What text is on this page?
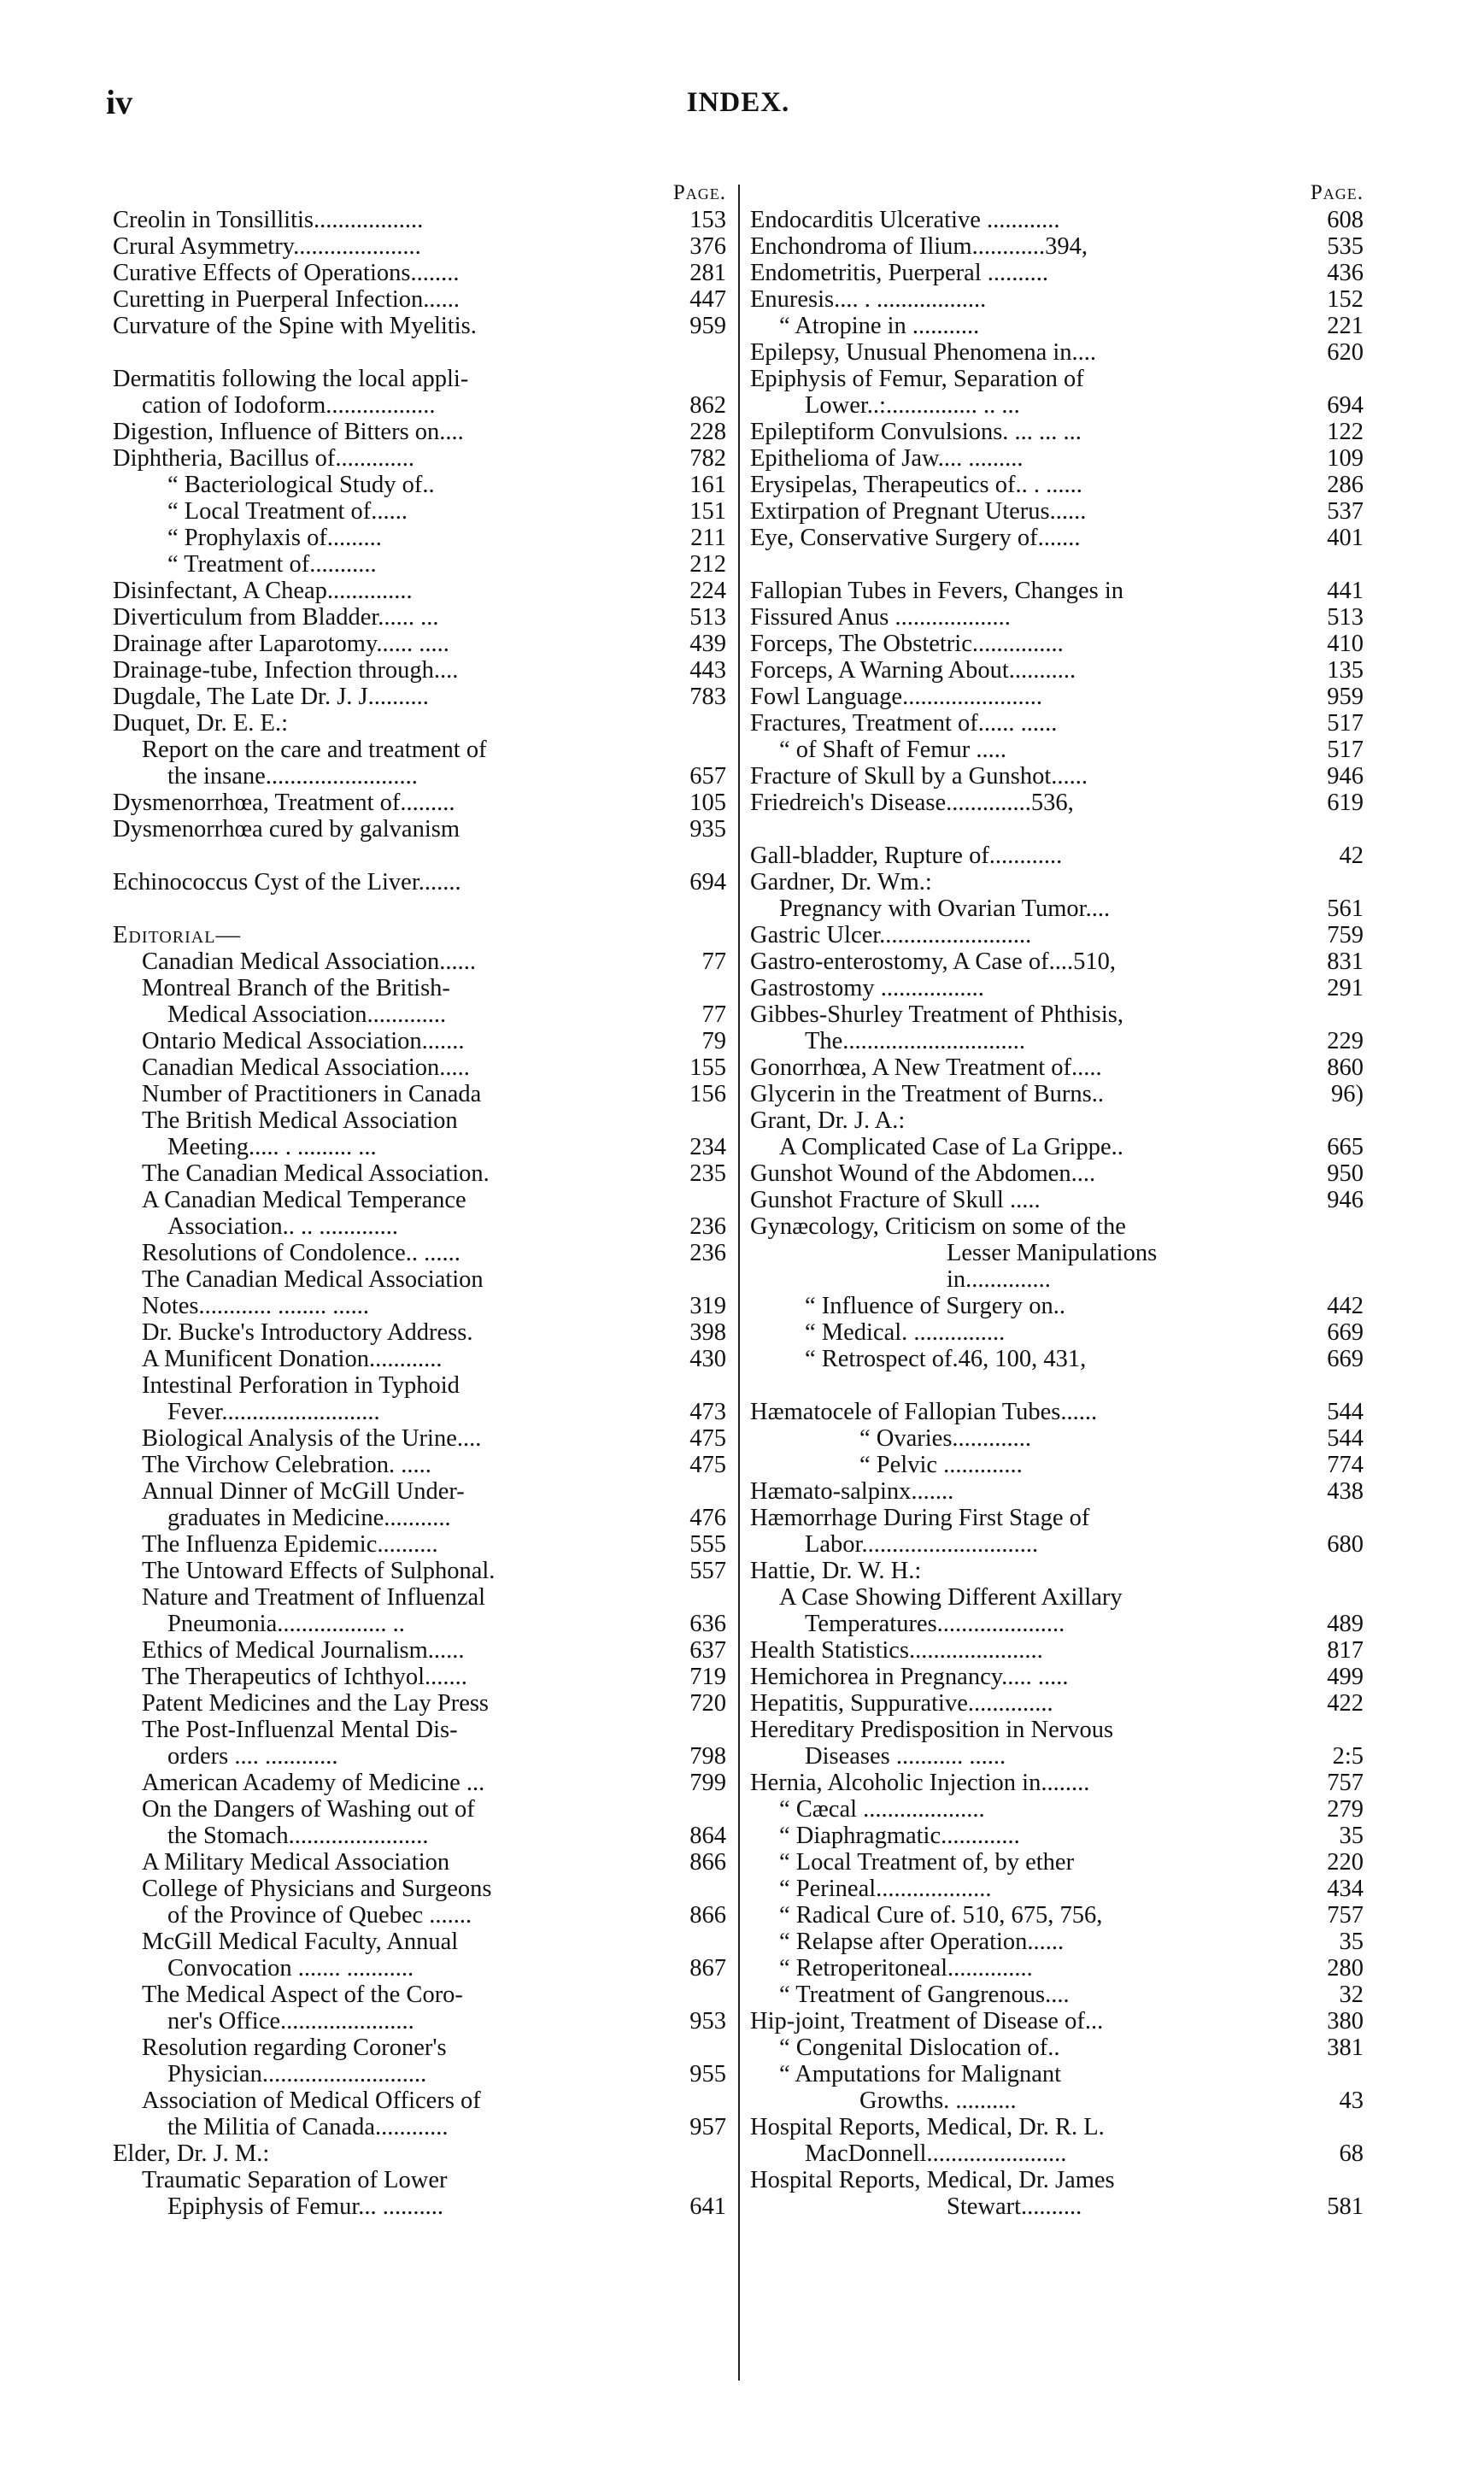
iv	INDEX.
Page.
Creolin in Tonsillitis..................	153
Crural Asymmetry.....................	376
Curative Effects of Operations........	281
Curetting in Puerperal Infection......	447
Curvature of the Spine with Myelitis.	959
Dermatitis following the local appli-
cation of Iodoform..................	862
Digestion, Influence of Bitters on....	228
Diphtheria, Bacillus of.............	782
“ Bacteriological Study of..	161
“ Local Treatment of......	151
“ Prophylaxis of.........	211
“ Treatment of...........	212
Disinfectant, A Cheap..............	224
Diverticulum from Bladder...... ...	513
Drainage after Laparotomy...... .....	439
Drainage-tube, Infection through....	443
Dugdale, The Late Dr. J. J..........	783
Duquet, Dr. E. E.:
Report on the care and treatment of
the insane.........................	657
Dysmenorrhœa, Treatment of.........	105
Dysmenorrhœa cured by galvanism	935
Echinococcus Cyst of the Liver.......	694
Editorial—
Canadian Medical Association......	77
Montreal Branch of the British-
Medical Association.............	77
Ontario Medical Association.......	79
Canadian Medical Association.....	155
Number of Practitioners in Canada	156
The British Medical Association
Meeting..... . ......... ...	234
The Canadian Medical Association.	235
A Canadian Medical Temperance
Association.. .. .............	236
Resolutions of Condolence.. ......	236
The Canadian Medical Association
Notes............ ........ ......	319
Dr. Bucke's Introductory Address.	398
A Munificent Donation............	430
Intestinal Perforation in Typhoid
Fever..........................	473
Biological Analysis of the Urine....	475
The Virchow Celebration. .....	475
Annual Dinner of McGill Under-
graduates in Medicine...........	476
The Influenza Epidemic..........	555
The Untoward Effects of Sulphonal.	557
Nature and Treatment of Influenzal
Pneumonia.................. ..	636
Ethics of Medical Journalism......	637
The Therapeutics of Ichthyol.......	719
Patent Medicines and the Lay Press	720
The Post-Influenzal Mental Dis-
orders .... ............	798
American Academy of Medicine ...	799
On the Dangers of Washing out of
the Stomach.......................	864
A Military Medical Association	866
College of Physicians and Surgeons
of the Province of Quebec .......	866
McGill Medical Faculty, Annual
Convocation ....... ...........	867
The Medical Aspect of the Coro-
ner's Office......................	953
Resolution regarding Coroner's
Physician...........................	955
Association of Medical Officers of
the Militia of Canada............	957
Elder, Dr. J. M.:
Traumatic Separation of Lower
Epiphysis of Femur... ..........	641
Page.
Endocarditis Ulcerative ............	608
Enchondroma of Ilium............394,	535
Endometritis, Puerperal ..........	436
Enuresis.... . ..................	152
“ Atropine in ...........	221
Epilepsy, Unusual Phenomena in....	620
Epiphysis of Femur, Separation of
Lower..:............... .. ...	694
Epileptiform Convulsions. ... ... ...	122
Epithelioma of Jaw.... .........	109
Erysipelas, Therapeutics of.. . ......	286
Extirpation of Pregnant Uterus......	537
Eye, Conservative Surgery of.......	401
Fallopian Tubes in Fevers, Changes in	441
Fissured Anus ...................	513
Forceps, The Obstetric...............	410
Forceps, A Warning About...........	135
Fowl Language.......................	959
Fractures, Treatment of...... ......	517
“ of Shaft of Femur .....	517
Fracture of Skull by a Gunshot......	946
Friedreich's Disease..............536,	619
Gall-bladder, Rupture of............	42
Gardner, Dr. Wm.:
Pregnancy with Ovarian Tumor....	561
Gastric Ulcer.........................	759
Gastro-enterostomy, A Case of....510,	831
Gastrostomy .................	291
Gibbes-Shurley Treatment of Phthisis,
The..............................	229
Gonorrhœa, A New Treatment of.....	860
Glycerin in the Treatment of Burns..	96)
Grant, Dr. J. A.:
A Complicated Case of La Grippe..	665
Gunshot Wound of the Abdomen....	950
Gunshot Fracture of Skull .....	946
Gynæcology, Criticism on some of the
Lesser Manipulations
in..............
“ Influence of Surgery on..	442
“ Medical. ...............	669
“ Retrospect of.46, 100, 431,	669
Hæmatocele of Fallopian Tubes......	544
“ Ovaries.............	544
“ Pelvic .............	774
Hæmato-salpinx.......	438
Hæmorrhage During First Stage of
Labor.............................	680
Hattie, Dr. W. H.:
A Case Showing Different Axillary
Temperatures.....................	489
Health Statistics......................	817
Hemichorea in Pregnancy..... .....	499
Hepatitis, Suppurative..............	422
Hereditary Predisposition in Nervous
Diseases ........... ......	2:5
Hernia, Alcoholic Injection in........	757
“ Cæcal ....................	279
“ Diaphragmatic.............	35
“ Local Treatment of, by ether	220
“ Perineal...................	434
“ Radical Cure of. 510, 675, 756,	757
“ Relapse after Operation......	35
“ Retroperitoneal..............	280
“ Treatment of Gangrenous....	32
Hip-joint, Treatment of Disease of...	380
“ Congenital Dislocation of..	381
“ Amputations for Malignant
Growths. ..........	43
Hospital Reports, Medical, Dr. R. L.
MacDonnell.......................	68
Hospital Reports, Medical, Dr. James
Stewart..........	581
